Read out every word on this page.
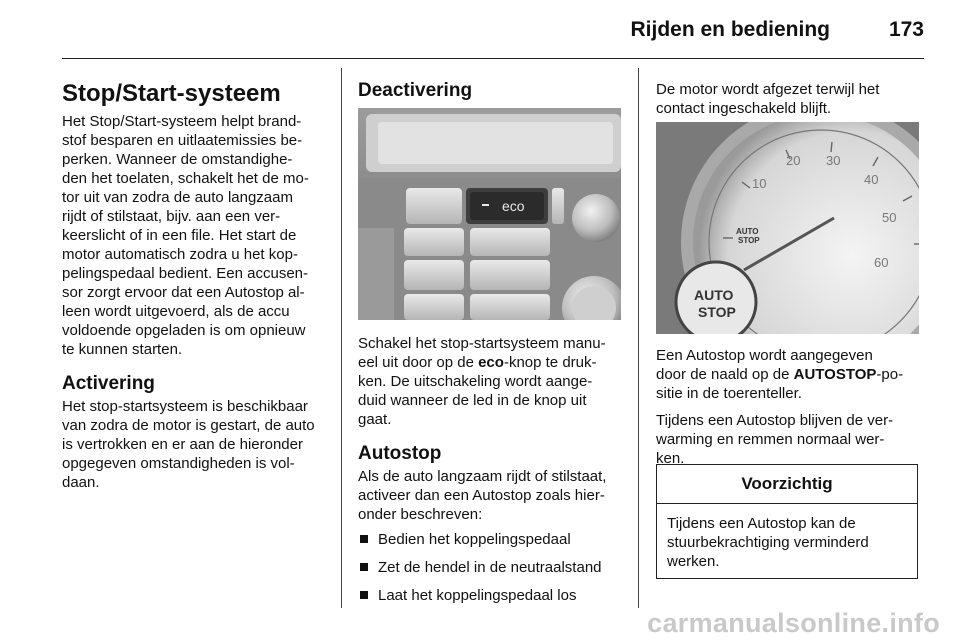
Rijden en bediening	173
Stop/Start-systeem

Het Stop/Start-systeem helpt brand-
stof besparen en uitlaatemissies be-
perken. Wanneer de omstandighe-
den het toelaten, schakelt het de mo-
tor uit van zodra de auto langzaam
rijdt of stilstaat, bijv. aan een ver-
keerslicht of in een file. Het start de
motor automatisch zodra u het kop-
pelingspedaal bedient. Een accusen-
sor zorgt ervoor dat een Autostop al-
leen wordt uitgevoerd, als de accu
voldoende opgeladen is om opnieuw
te kunnen starten.

Activering

Het stop-startsysteem is beschikbaar
van zodra de motor is gestart, de auto
is vertrokken en er aan de hieronder
opgegeven omstandigheden is vol-
daan.

Deactivering
eco

Schakel het stop-startsysteem manu-
eel uit door op de eco-knop te druk-
ken. De uitschakeling wordt aange-
duid wanneer de led in de knop uit
gaat.

Autostop

Als de auto langzaam rijdt of stilstaat,
activeer dan een Autostop zoals hier-
onder beschreven:

Bedien het koppelingspedaal
Zet de hendel in de neutraalstand
Laat het koppelingspedaal los

De motor wordt afgezet terwijl het
contact ingeschakeld blijft.

10
20 30
40
50
60
AUTO
STOP
AUTO
STOP

Een Autostop wordt aangegeven
door de naald op de AUTOSTOP-po-
sitie in de toerenteller.

Tijdens een Autostop blijven de ver-
warming en remmen normaal wer-
ken.

Voorzichtig
Tijdens een Autostop kan de
stuurbekrachtiging verminderd
werken.
carmanualsonline.info
